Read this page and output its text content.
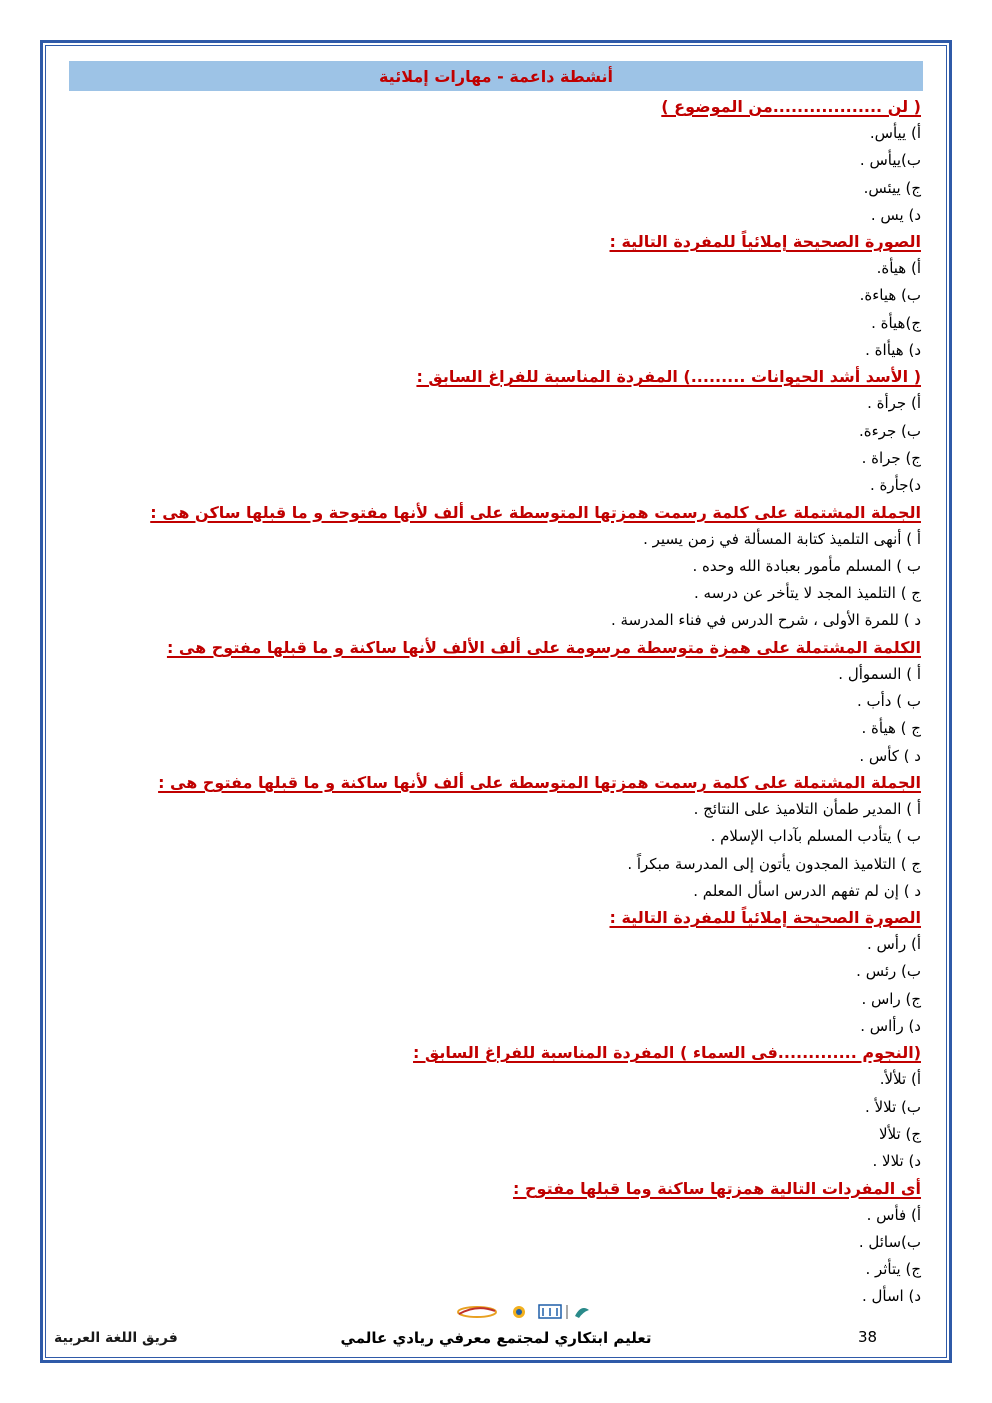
أنشطة داعمة - مهارات إملائية
( لن ..................من الموضوع )
أ) ييأس.
ب)ييأس .
ج) ييئس.
د) يس .
الصورة الصحيحة إملائياً للمفردة التالية :
أ) هيأة.
ب) هياءة.
ج)هيأة .
د) هيأاة .
( الأسد أشد الحيوانات .........) المفردة المناسبة للفراغ السابق :
أ) جرأة .
ب) جرءة.
ج) جراة .
د)جأرة .
الجملة المشتملة على كلمة رسمت همزتها المتوسطة على ألف لأنها مفتوحة و ما قبلها ساكن هى :
أ ) أنهى التلميذ كتابة المسألة في زمن يسير .
ب ) المسلم مأمور بعبادة الله وحده .
ج ) التلميذ المجد لا يتأخر عن درسه .
د ) للمرة الأولى ، شرح الدرس في فناء المدرسة .
الكلمة المشتملة على همزة متوسطة مرسومة على ألف الألف لأنها ساكنة و ما قبلها مفتوح هى :
أ ) السموأل .
ب ) دأب .
ج ) هيأة .
د ) كأس .
الجملة المشتملة على كلمة رسمت همزتها المتوسطة على ألف لأنها ساكنة و ما قبلها مفتوح هى :
أ ) المدير طمأن التلاميذ على النتائج .
ب ) يتأدب المسلم بآداب الإسلام .
ج ) التلاميذ المجدون يأتون إلى المدرسة مبكراً .
د ) إن لم تفهم الدرس اسأل المعلم .
الصورة الصحيحة إملائياً للمفردة التالية :
أ) رأس .
ب) رئس .
ج) راس .
د) رأاس .
(النجوم .............فى السماء ) المفردة المناسبة للفراغ السابق :
أ) تلألأ.
ب) تلالأ .
ج) تلألا
د) تلالا .
أى المفردات التالية همزتها ساكنة وما قبلها مفتوح :
أ) فأس .
ب)سائل .
ج) يتأثر .
د) اسأل .
38
تعليم ابتكاري لمجتمع معرفي ريادي عالمي
فريق اللغة العربية
